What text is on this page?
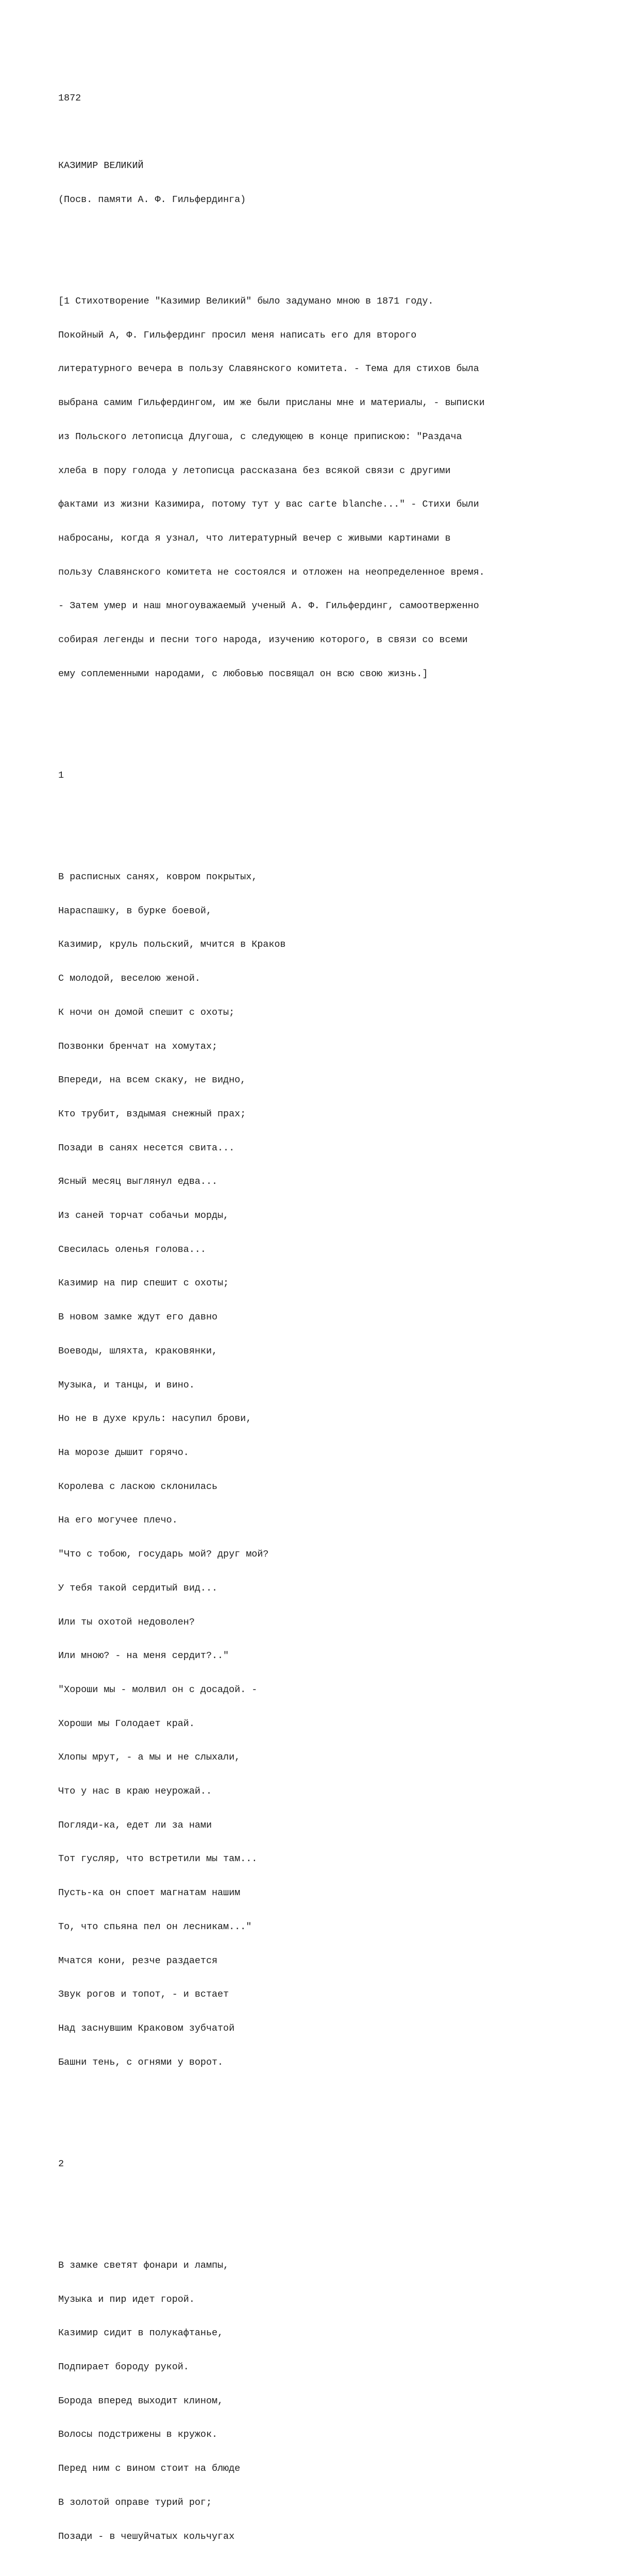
1872

КАЗИМИР ВЕЛИКИЙ

(Посв. памяти А. Ф. Гильфердинга)

[1 Стихотворение "Казимир Великий" было задумано мною в 1871 году.

Покойный А, Ф. Гильфердинг просил меня написать его для второго

литературного вечера в пользу Славянского комитета. - Тема для стихов была

выбрана самим Гильфердингом, им же были присланы мне и материалы, - выписки

из Польского летописца Длугоша, с следующею в конце припискою: "Раздача

хлеба в пору голода у летописца рассказана без всякой связи с другими

фактами из жизни Казимира, потому тут у вас carte blanche..." - Стихи были

набросаны, когда я узнал, что литературный вечер с живыми картинами в

пользу Славянского комитета не состоялся и отложен на неопределенное время.

- Затем умер и наш многоуважаемый ученый А. Ф. Гильфердинг, самоотверженно

собирая легенды и песни того народа, изучению которого, в связи со всеми

ему соплеменными народами, с любовью посвящал он всю свою жизнь.]

1

В расписных санях, ковром покрытых,

Нараспашку, в бурке боевой,

Казимир, круль польский, мчится в Краков

С молодой, веселою женой.

К ночи он домой спешит с охоты;

Позвонки бренчат на хомутах;

Впереди, на всем скаку, не видно,

Кто трубит, вздымая снежный прах;

Позади в санях несется свита...

Ясный месяц выглянул едва...

Из саней торчат собачьи морды,

Свесилась оленья голова...

Казимир на пир спешит с охоты;

В новом замке ждут его давно

Воеводы, шляхта, краковянки,

Музыка, и танцы, и вино.

Но не в духе круль: насупил брови,

На морозе дышит горячо.

Королева с ласкою склонилась

На его могучее плечо.

"Что с тобою, государь мой? друг мой?

У тебя такой сердитый вид...

Или ты охотой недоволен?

Или мною? - на меня сердит?.."

"Хороши мы - молвил он с досадой. -

Хороши мы Голодает край.

Хлопы мрут, - а мы и не слыхали,

Что у нас в краю неурожай..

Погляди-ка, едет ли за нами

Тот гусляр, что встретили мы там...

Пусть-ка он споет магнатам нашим

То, что спьяна пел он лесникам..."

Мчатся кони, резче раздается

Звук рогов и топот, - и встает

Над заснувшим Краковом зубчатой

Башни тень, с огнями у ворот.

2

В замке светят фонари и лампы,

Музыка и пир идет горой.

Казимир сидит в полукафтанье,

Подпирает бороду рукой.

Борода вперед выходит клином,

Волосы подстрижены в кружок.

Перед ним с вином стоит на блюде

В золотой оправе турий рог;

Позади - в чешуйчатых кольчугах
